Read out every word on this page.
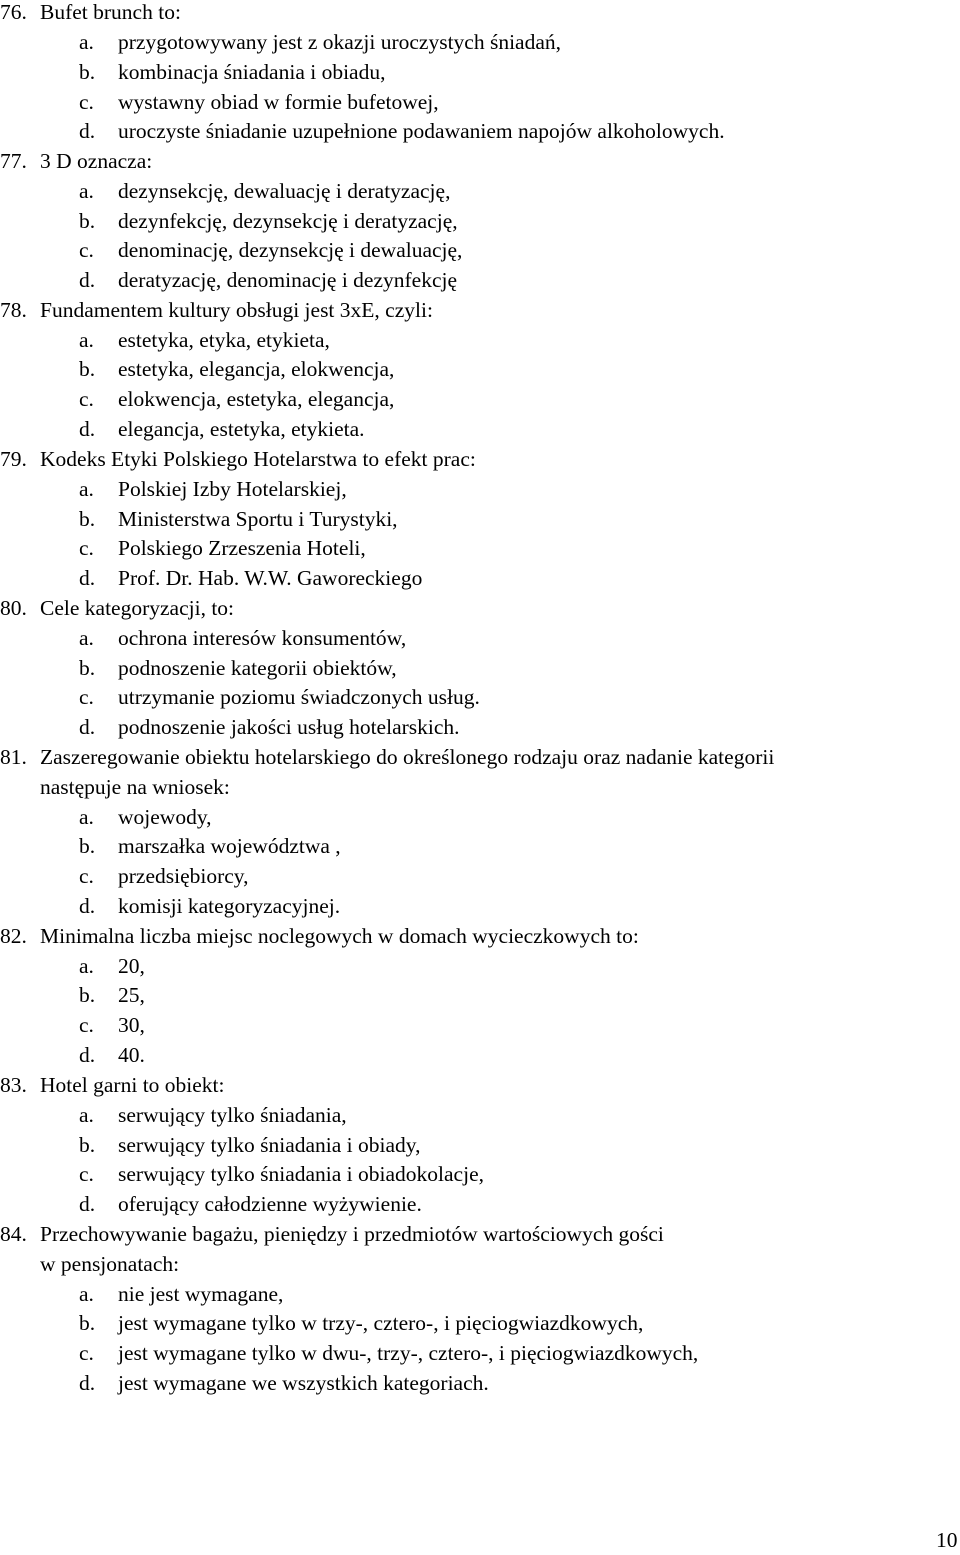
76. Bufet brunch to:
a.	przygotowywany jest z okazji uroczystych śniadań,
b.	kombinacja śniadania i obiadu,
c.	wystawny obiad w formie bufetowej,
d.	uroczyste śniadanie uzupełnione podawaniem napojów alkoholowych.
77. 3 D oznacza:
a.	dezynsekcję, dewaluację i deratyzację,
b.	dezynfekcję, dezynsekcję i deratyzację,
c.	denominację, dezynsekcję i dewaluację,
d.	deratyzację, denominację i dezynfekcję
78. Fundamentem kultury obsługi jest 3xE, czyli:
a.	estetyka, etyka, etykieta,
b.	estetyka, elegancja, elokwencja,
c.	elokwencja, estetyka, elegancja,
d.	elegancja, estetyka, etykieta.
79. Kodeks Etyki Polskiego Hotelarstwa to efekt prac:
a.	Polskiej Izby Hotelarskiej,
b.	Ministerstwa Sportu i Turystyki,
c.	Polskiego Zrzeszenia Hoteli,
d.	Prof. Dr. Hab. W.W. Gaworeckiego
80. Cele kategoryzacji, to:
a.	ochrona interesów konsumentów,
b.	podnoszenie kategorii obiektów,
c.	utrzymanie poziomu świadczonych usług.
d.	podnoszenie jakości usług hotelarskich.
81. Zaszeregowanie obiektu hotelarskiego do określonego rodzaju oraz nadanie kategorii
następuje na wniosek:
a.	wojewody,
b.	marszałka województwa ,
c.	przedsiębiorcy,
d.	komisji kategoryzacyjnej.
82. Minimalna liczba miejsc noclegowych w domach wycieczkowych to:
a.	20,
b.	25,
c.	30,
d.	40.
83. Hotel garni to obiekt:
a.	serwujący tylko śniadania,
b.	serwujący tylko śniadania i obiady,
c.	serwujący tylko śniadania i obiadokolacje,
d.	oferujący całodzienne wyżywienie.
84. Przechowywanie bagażu, pieniędzy i przedmiotów wartościowych gości
w pensjonatach:
a.	nie jest wymagane,
b.	jest wymagane tylko w trzy-, cztero-, i pięciogwiazdkowych,
c.	jest wymagane tylko w dwu-, trzy-, cztero-, i pięciogwiazdkowych,
d.	jest wymagane we wszystkich kategoriach.
10
